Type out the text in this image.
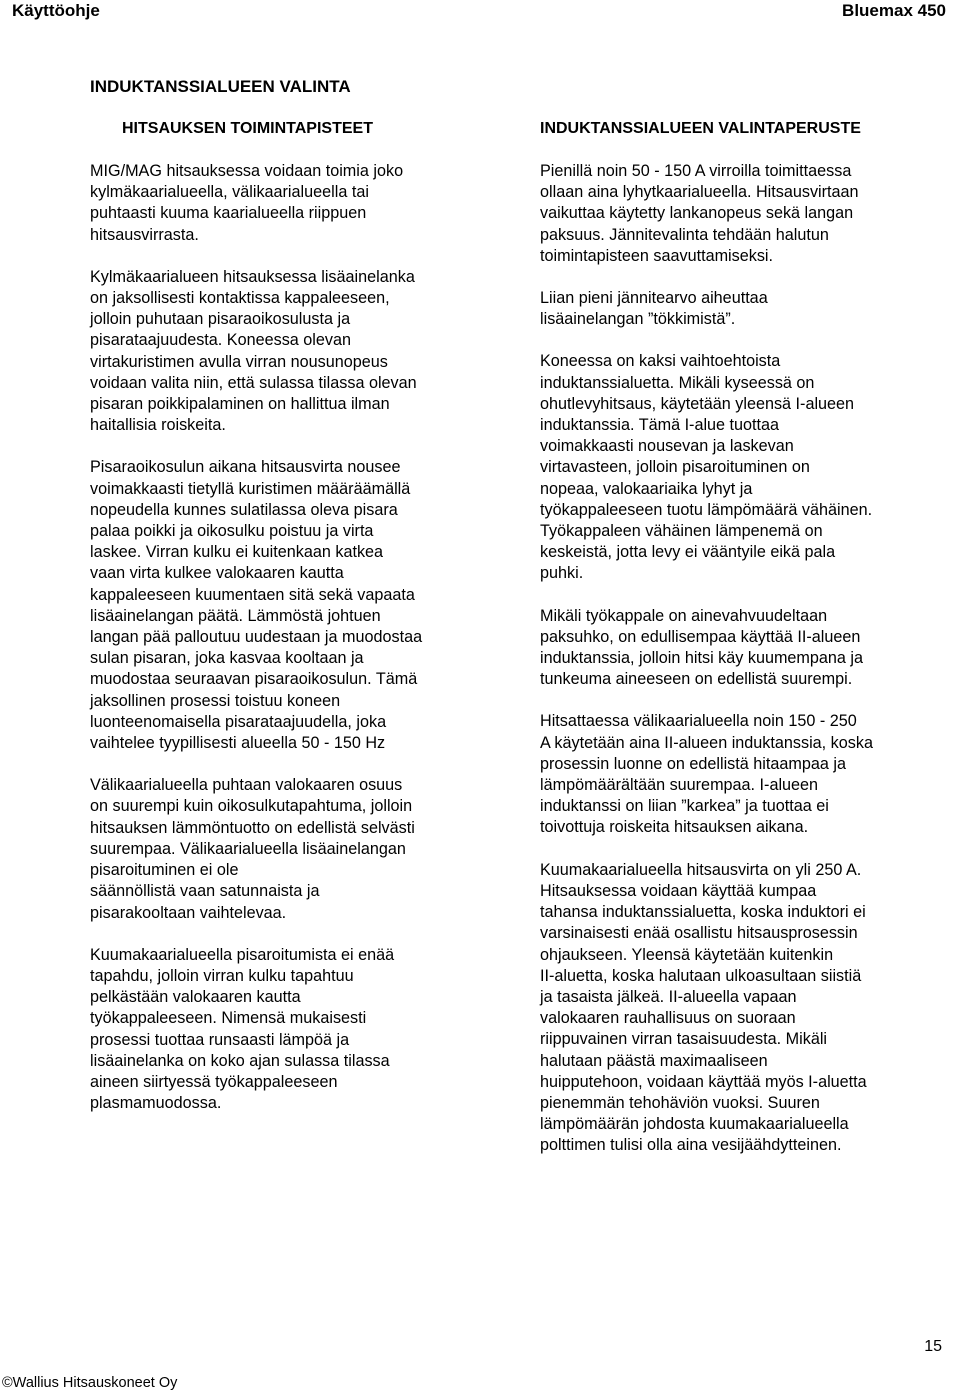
Käyttöohje	Bluemax 450
INDUKTANSSIALUEEN VALINTA
HITSAUKSEN TOIMINTAPISTEET

MIG/MAG hitsauksessa voidaan toimia joko
kylmäkaarialueella, välikaarialueella tai
puhtaasti kuuma kaarialueella riippuen
hitsausvirrasta.

Kylmäkaarialueen hitsauksessa lisäainelanka
on jaksollisesti kontaktissa kappaleeseen,
jolloin puhutaan pisaraoikosulusta ja
pisarataajuudesta. Koneessa olevan
virtakuristimen avulla virran nousunopeus
voidaan valita niin, että sulassa tilassa olevan
pisaran poikkipalaminen on hallittua ilman
haitallisia roiskeita.

Pisaraoikosulun aikana hitsausvirta nousee
voimakkaasti tietyllä kuristimen määräämällä
nopeudella kunnes sulatilassa oleva pisara
palaa poikki ja oikosulku poistuu ja virta
laskee. Virran kulku ei kuitenkaan katkea
vaan virta kulkee valokaaren kautta
kappaleeseen kuumentaen sitä sekä vapaata
lisäainelangan päätä. Lämmöstä johtuen
langan pää palloutuu uudestaan ja muodostaa
sulan pisaran, joka kasvaa kooltaan ja
muodostaa seuraavan pisaraoikosulun. Tämä
jaksollinen prosessi toistuu koneen
luonteenomaisella pisarataajuudella, joka
vaihtelee tyypillisesti alueella 50 - 150 Hz

Välikaarialueella puhtaan valokaaren osuus
on suurempi kuin oikosulkutapahtuma, jolloin
hitsauksen lämmöntuotto on edellistä selvästi
suurempaa. Välikaarialueella lisäainelangan
pisaroituminen ei ole
säännöllistä vaan satunnaista ja
pisarakooltaan vaihtelevaa.

Kuumakaarialueella pisaroitumista ei enää
tapahdu, jolloin virran kulku tapahtuu
pelkästään valokaaren kautta
työkappaleeseen. Nimensä mukaisesti
prosessi tuottaa runsaasti lämpöä ja
lisäainelanka on koko ajan sulassa tilassa
aineen siirtyessä työkappaleeseen
plasmamuodossa.

INDUKTANSSIALUEEN VALINTAPERUSTE

Pienillä noin 50 - 150 A virroilla toimittaessa
ollaan aina lyhytkaarialueella. Hitsausvirtaan
vaikuttaa käytetty lankanopeus sekä langan
paksuus. Jännitevalinta tehdään halutun
toimintapisteen saavuttamiseksi.

Liian pieni jännitearvo aiheuttaa
lisäainelangan ”tökkimistä”.

Koneessa on kaksi vaihtoehtoista
induktanssialuetta. Mikäli kyseessä on
ohutlevyhitsaus, käytetään yleensä I-alueen
induktanssia. Tämä I-alue tuottaa
voimakkaasti nousevan ja laskevan
virtavasteen, jolloin pisaroituminen on
nopeaa, valokaariaika lyhyt ja
työkappaleeseen tuotu lämpömäärä vähäinen.
Työkappaleen vähäinen lämpenemä on
keskeistä, jotta levy ei vääntyile eikä pala
puhki.

Mikäli työkappale on ainevahvuudeltaan
paksuhko, on edullisempaa käyttää II-alueen
induktanssia, jolloin hitsi käy kuumempana ja
tunkeuma aineeseen on edellistä suurempi.

Hitsattaessa välikaarialueella noin 150 - 250
A käytetään aina II-alueen induktanssia, koska
prosessin luonne on edellistä hitaampaa ja
lämpömäärältään suurempaa. I-alueen
induktanssi on liian ”karkea” ja tuottaa ei
toivottuja roiskeita hitsauksen aikana.

Kuumakaarialueella hitsausvirta on yli 250 A.
Hitsauksessa voidaan käyttää kumpaa
tahansa induktanssialuetta, koska induktori ei
varsinaisesti enää osallistu hitsausprosessin
ohjaukseen. Yleensä käytetään kuitenkin
II-aluetta, koska halutaan ulkoasultaan siistiä
ja tasaista jälkeä. II-alueella vapaan
valokaaren rauhallisuus on suoraan
riippuvainen virran tasaisuudesta. Mikäli
halutaan päästä maximaaliseen
huipputehoon, voidaan käyttää myös I-aluetta
pienemmän tehohäviön vuoksi. Suuren
lämpömäärän johdosta kuumakaarialueella
polttimen tulisi olla aina vesijäähdytteinen.

15
©Wallius Hitsauskoneet Oy
